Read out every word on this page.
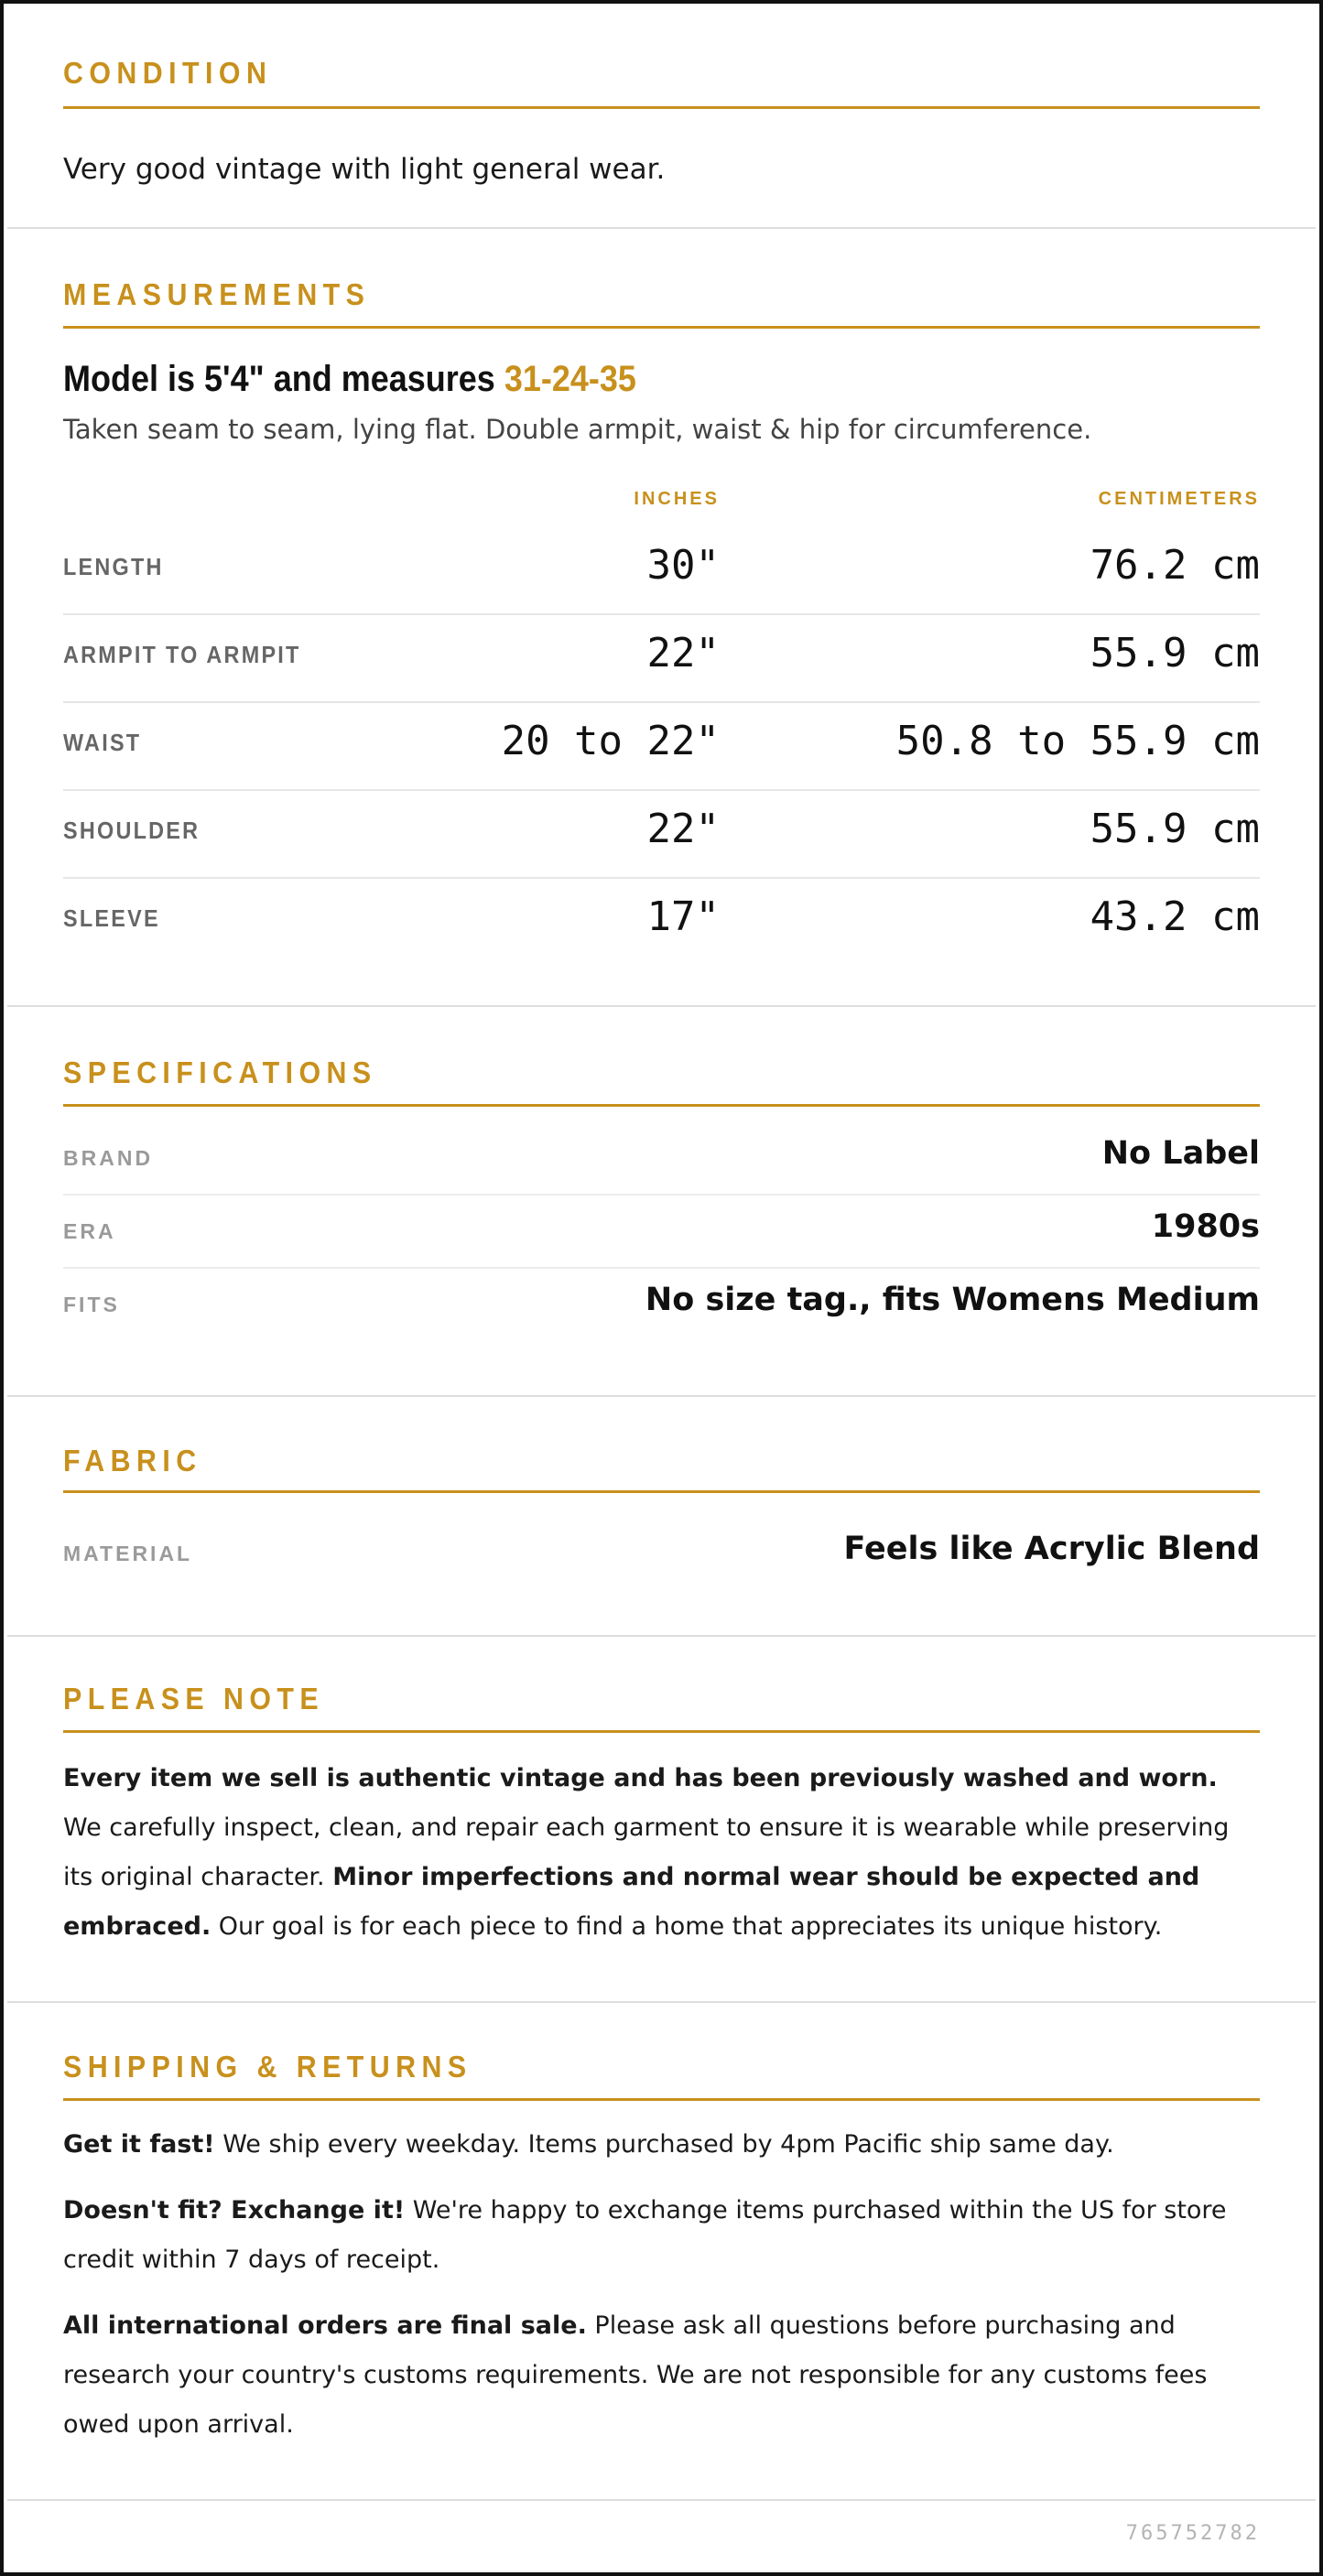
CONDITION
Very good vintage with light general wear.
MEASUREMENTS
Model is 5'4" and measures 31-24-35
Taken seam to seam, lying flat. Double armpit, waist & hip for circumference.
INCHES	CENTIMETERS
LENGTH	30"	76.2 cm
ARMPIT TO ARMPIT	22"	55.9 cm
WAIST	20 to 22"	50.8 to 55.9 cm
SHOULDER	22"	55.9 cm
SLEEVE	17"	43.2 cm
SPECIFICATIONS
BRAND	No Label
ERA	1980s
FITS	No size tag., fits Womens Medium
FABRIC
MATERIAL	Feels like Acrylic Blend
PLEASE NOTE
Every item we sell is authentic vintage and has been previously washed and worn. We carefully inspect, clean, and repair each garment to ensure it is wearable while preserving its original character. Minor imperfections and normal wear should be expected and embraced. Our goal is for each piece to find a home that appreciates its unique history.
SHIPPING & RETURNS
Get it fast! We ship every weekday. Items purchased by 4pm Pacific ship same day.
Doesn't fit? Exchange it! We're happy to exchange items purchased within the US for store credit within 7 days of receipt.
All international orders are final sale. Please ask all questions before purchasing and research your country's customs requirements. We are not responsible for any customs fees owed upon arrival.
765752782
